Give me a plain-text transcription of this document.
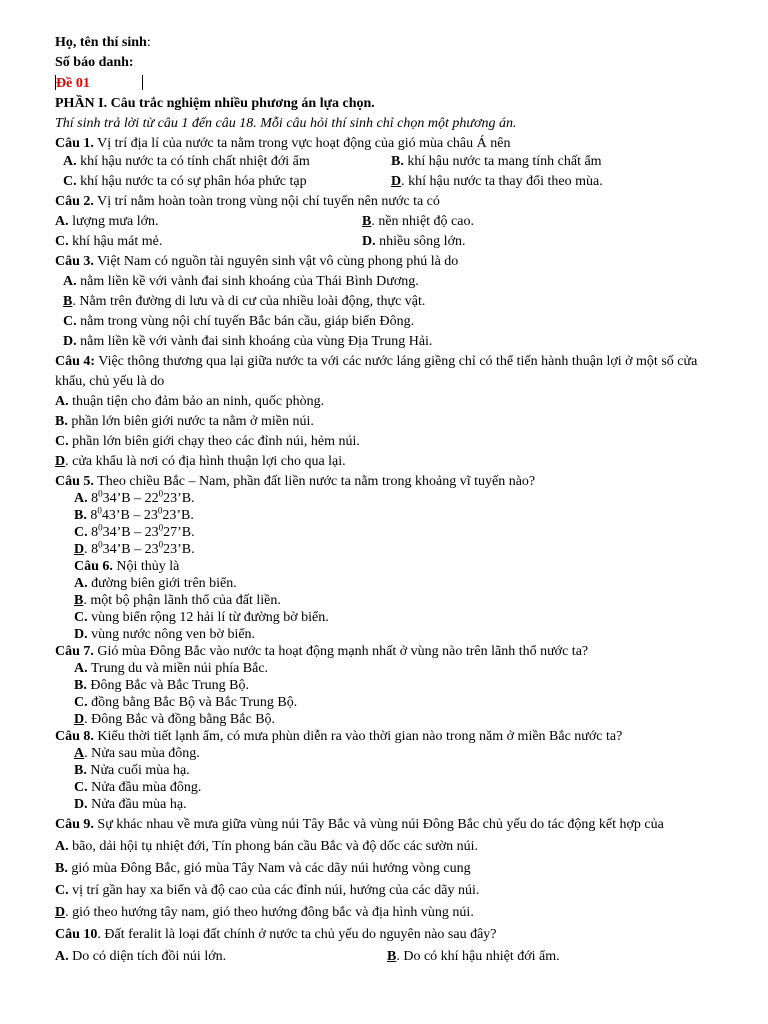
Họ, tên thí sinh:
Số báo danh:
Đề 01
PHẦN I. Câu trắc nghiệm nhiều phương án lựa chọn.
Thí sinh trả lời từ câu 1 đến câu 18. Mỗi câu hỏi thí sinh chỉ chọn một phương án.
Câu 1. Vị trí địa lí của nước ta nằm trong vực hoạt động của gió mùa châu Á nên
A. khí hậu nước ta có tính chất nhiệt đới ẩm	B. khí hậu nước ta mang tính chất ẩm
C. khí hậu nước ta có sự phân hóa phức tạp	D. khí hậu nước ta thay đổi theo mùa.
Câu 2. Vị trí nằm hoàn toàn trong vùng nội chí tuyến nên nước ta có
A. lượng mưa lớn.	B. nền nhiệt độ cao.
C. khí hậu mát mẻ.	D. nhiều sông lớn.
Câu 3. Việt Nam có nguồn tài nguyên sinh vật vô cùng phong phú là do
A. nằm liền kề với vành đai sinh khoáng của Thái Bình Dương.
B. Nằm trên đường di lưu và di cư của nhiều loài động, thực vật.
C. nằm trong vùng nội chí tuyến Bắc bán cầu, giáp biển Đông.
D. nằm liền kề với vành đai sinh khoáng của vùng Địa Trung Hải.
Câu 4: Việc thông thương qua lại giữa nước ta với các nước láng giềng chỉ có thể tiến hành thuận lợi ở một số cửa khẩu, chủ yếu là do
A. thuận tiện cho đảm bảo an ninh, quốc phòng.
B. phần lớn biên giới nước ta nằm ở miền núi.
C. phần lớn biên giới chạy theo các đỉnh núi, hẻm núi.
D. cửa khẩu là nơi có địa hình thuận lợi cho qua lại.
Câu 5. Theo chiều Bắc – Nam, phần đất liền nước ta nằm trong khoảng vĩ tuyến nào?
A. $8^034’B$ – $22^023’B$.
B. $8^043’B$ – $23^023’B$.
C. $8^034’B$ – $23^027’B$.
D. $8^034’B$ – $23^023’B$.
Câu 6. Nội thủy là
A. đường biên giới trên biển.
B. một bộ phận lãnh thổ của đất liền.
C. vùng biển rộng 12 hải lí từ đường bờ biển.
D. vùng nước nông ven bờ biển.
Câu 7. Gió mùa Đông Bắc vào nước ta hoạt động mạnh nhất ở vùng nào trên lãnh thổ nước ta?
A. Trung du và miền núi phía Bắc.
B. Đông Bắc và Bắc Trung Bộ.
C. đồng bằng Bắc Bộ và Bắc Trung Bộ.
D. Đông Bắc và đồng bằng Bắc Bộ.
Câu 8. Kiểu thời tiết lạnh ẩm, có mưa phùn diễn ra vào thời gian nào trong năm ở miền Bắc nước ta?
A. Nửa sau mùa đông.
B. Nửa cuối mùa hạ.
C. Nửa đầu mùa đông.
D. Nửa đầu mùa hạ.
Câu 9. Sự khác nhau về mưa giữa vùng núi Tây Bắc và vùng núi Đông Bắc chủ yếu do tác động kết hợp của
A. bão, dải hội tụ nhiệt đới, Tín phong bán cầu Bắc và độ dốc các sườn núi.
B. gió mùa Đông Bắc, gió mùa Tây Nam và các dãy núi hướng vòng cung
C. vị trí gần hay xa biển và độ cao của các đỉnh núi, hướng của các dãy núi.
D. gió theo hướng tây nam, gió theo hướng đông bắc và địa hình vùng núi.
Câu 10. Đất feralit là loại đất chính ở nước ta chủ yếu do nguyên nào sau đây?
A. Do có diện tích đồi núi lớn.	B. Do có khí hậu nhiệt đới ẩm.
